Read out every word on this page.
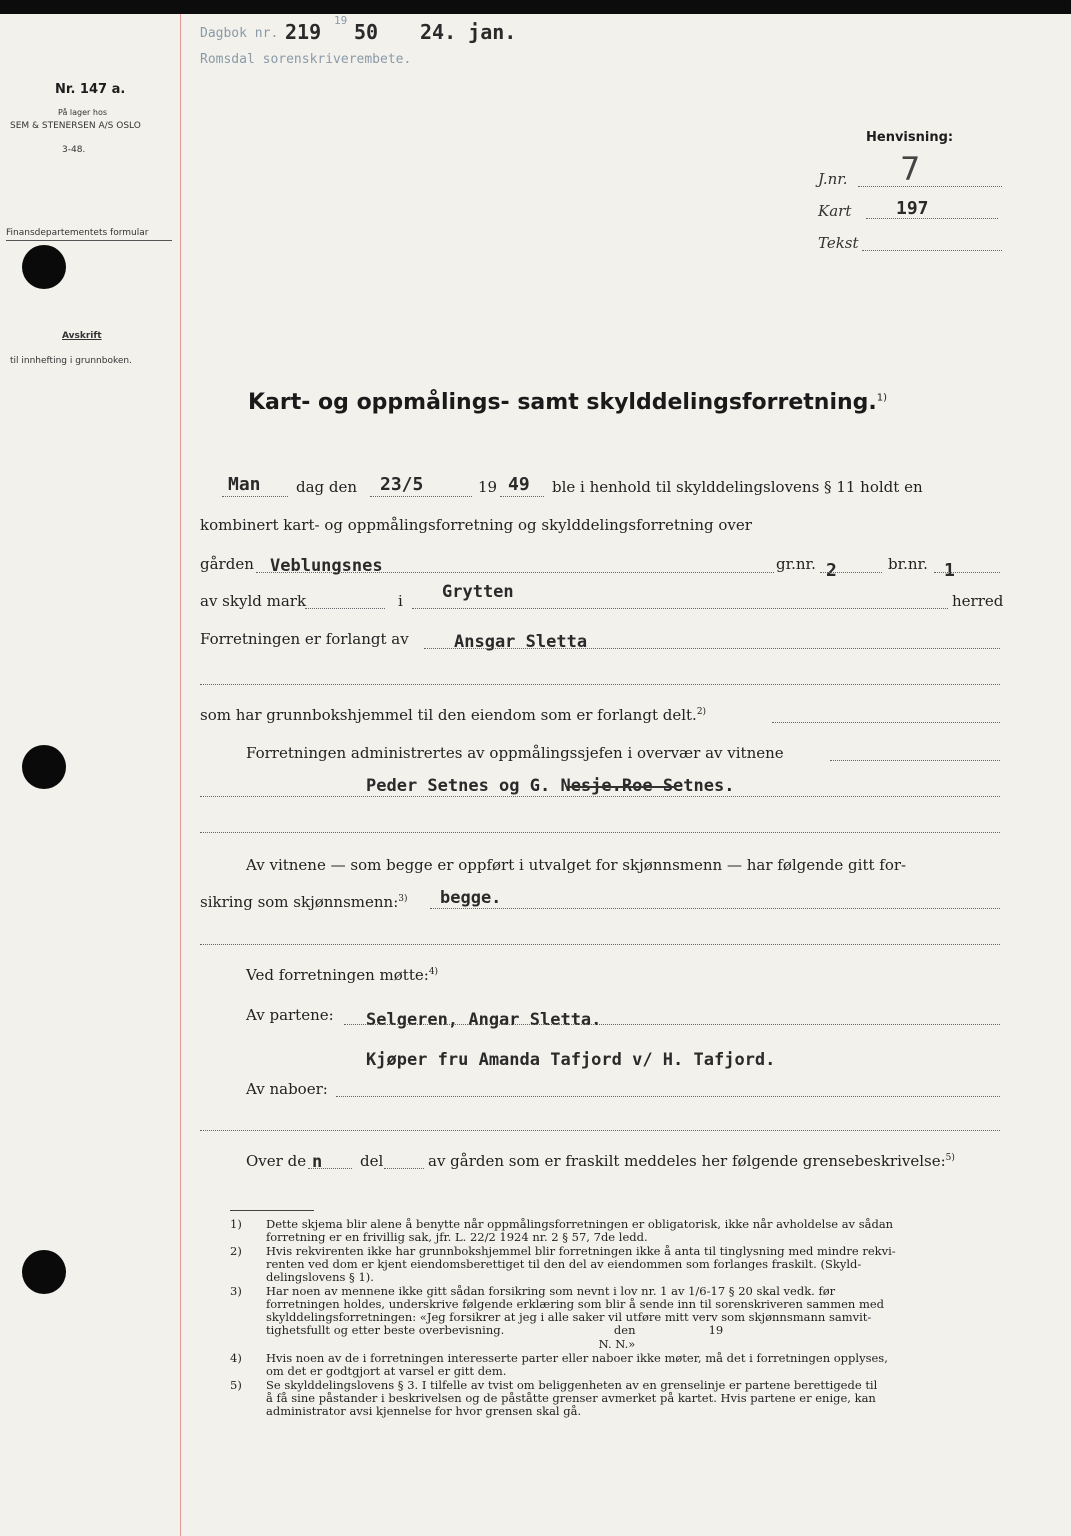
Dagbok nr. 219 19 50 24. jan.
Romsdal sorenskriverembete.
Nr. 147 a.
På lager hos
SEM & STENERSEN A/S OSLO
3-48.
Finansdepartementets formular
Avskrift
til innhefting i grunnboken.
Henvisning:
J.nr. 7
Kart 197
Tekst
Kart- og oppmålings- samt skylddelingsforretning.$^{1)}$
Man dag den 23/5	19 49 ble i henhold til skylddelingslovens § 11 holdt en
kombinert kart- og oppmålingsforretning og skylddelingsforretning over
gården Veblungsnes	gr.nr. 2	br.nr. 1
av skyld mark	i Grytten	herred
Forretningen er forlangt av	Ansgar Sletta
som har grunnbokshjemmel til den eiendom som er forlangt delt.$^{2)}$
Forretningen administrertes av oppmålingssjefen i overvær av vitnene
Peder Setnes og G. Nesje.Roe Setnes.
Av vitnene — som begge er oppført i utvalget for skjønnsmenn — har følgende gitt for-
sikring som skjønnsmenn:$^{3)}$ begge.
Ved forretningen møtte:$^{4)}$
Av partene: Selgeren, Angar Sletta.
Kjøper fru Amanda Tafjord v/ H. Tafjord.
Av naboer:
Over de n	del	av gården som er fraskilt meddeles her følgende grensebeskrivelse:$^{5)}$
1) Dette skjema blir alene å benytte når oppmålingsforretningen er obligatorisk, ikke når avholdelse av sådan
forretning er en frivillig sak, jfr. L. 22/2 1924 nr. 2 § 57, 7de ledd.
2) Hvis rekvirenten ikke har grunnbokshjemmel blir forretningen ikke å anta til tinglysning med mindre rekvi-
renten ved dom er kjent eiendomsberettiget til den del av eiendommen som forlanges fraskilt. (Skyld-
delingslovens § 1).
3) Har noen av mennene ikke gitt sådan forsikring som nevnt i lov nr. 1 av 1/6-17 § 20 skal vedk. før
forretningen holdes, underskrive følgende erklæring som blir å sende inn til sorenskriveren sammen med
skylddelingsforretningen: «Jeg forsikrer at jeg i alle saker vil utføre mitt verv som skjønnsmann samvit-
tighetsfullt og etter beste overbevisning.                              den                    19
N. N.»
4) Hvis noen av de i forretningen interesserte parter eller naboer ikke møter, må det i forretningen opplyses,
om det er godtgjort at varsel er gitt dem.
5) Se skylddelingslovens § 3. I tilfelle av tvist om beliggenheten av en grenselinje er partene berettigede til
å få sine påstander i beskrivelsen og de påståtte grenser avmerket på kartet. Hvis partene er enige, kan
administrator avsi kjennelse for hvor grensen skal gå.
